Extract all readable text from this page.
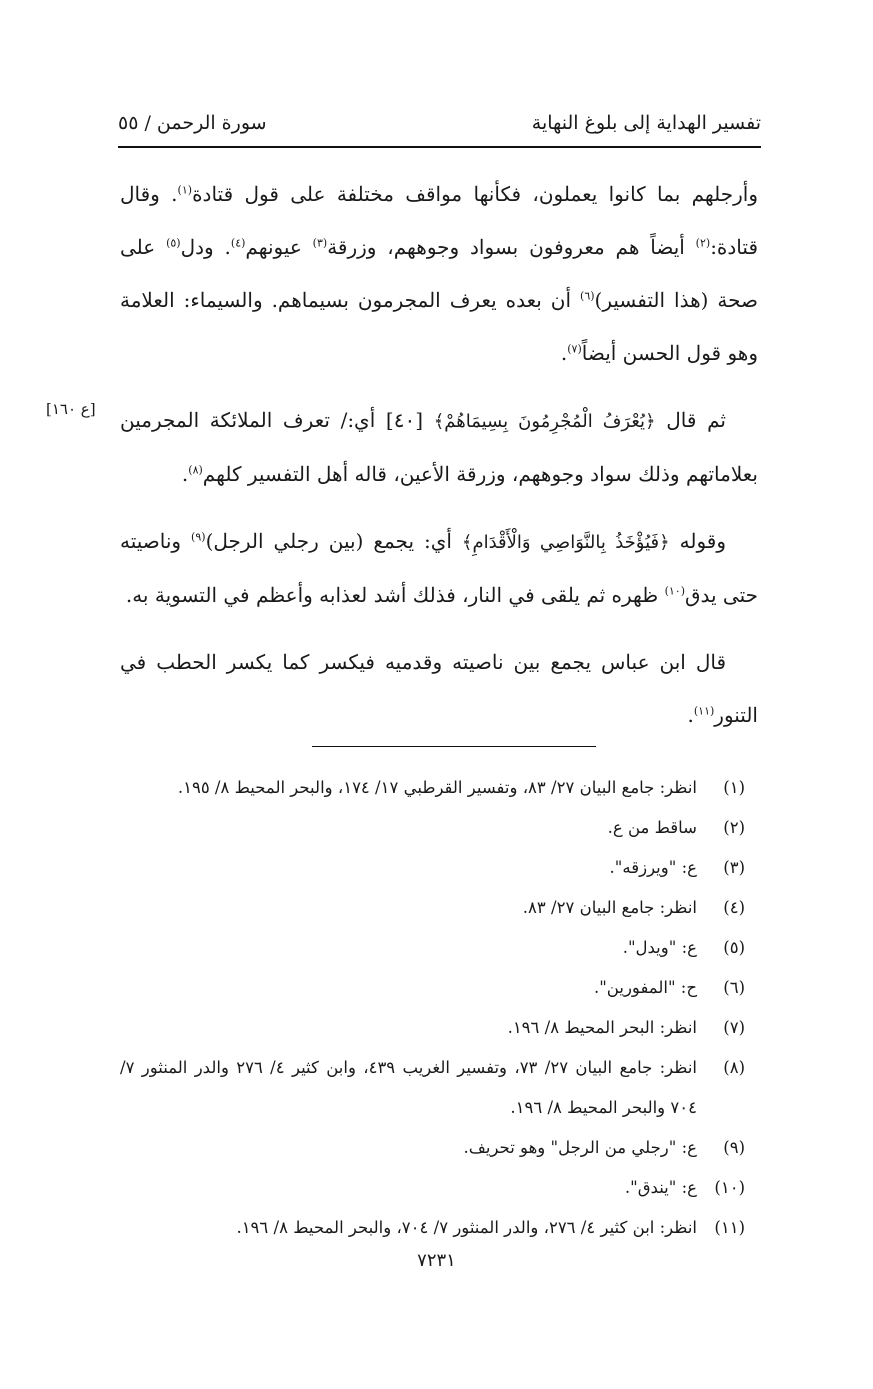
تفسير الهداية إلى بلوغ النهاية
سورة الرحمن / ٥٥

وأرجلهم بما كانوا يعملون، فكأنها مواقف مختلفة على قول قتادة$^{(١)}$. وقال قتادة:$^{(٢)}$ أيضاً هم معروفون بسواد وجوههم، وزرقة$^{(٣)}$ عيونهم$^{(٤)}$. ودل$^{(٥)}$ على صحة (هذا التفسير)$^{(٦)}$ أن بعده يعرف المجرمون بسيماهم. والسيماء: العلامة وهو قول الحسن أيضاً$^{(٧)}$.

ثم قال ﴿يُعْرَفُ الْمُجْرِمُونَ بِسِيمَاهُمْ﴾ [٤٠] أي:/ تعرف الملائكة المجرمين بعلاماتهم وذلك سواد وجوههم، وزرقة الأعين، قاله أهل التفسير كلهم$^{(٨)}$.

وقوله ﴿فَيُؤْخَذُ بِالنَّوَاصِي وَالْأَقْدَامِ﴾ أي: يجمع (بين رجلي الرجل)$^{(٩)}$ وناصيته حتى يدق$^{(١٠)}$ ظهره ثم يلقى في النار، فذلك أشد لعذابه وأعظم في التسوية به.

قال ابن عباس يجمع بين ناصيته وقدميه فيكسر كما يكسر الحطب في التنور$^{(١١)}$.

[ع ١٦٠]
(١)
انظر: جامع البيان ٢٧/ ٨٣، وتفسير القرطبي ١٧/ ١٧٤، والبحر المحيط ٨/ ١٩٥.
(٢)
ساقط من ع.
(٣)
ع: "ويرزقه".
(٤)
انظر: جامع البيان ٢٧/ ٨٣.
(٥)
ع: "ويدل".
(٦)
ح: "المفورين".
(٧)
انظر: البحر المحيط ٨/ ١٩٦.
(٨)
انظر: جامع البيان ٢٧/ ٧٣، وتفسير الغريب ٤٣٩، وابن كثير ٤/ ٢٧٦ والدر المنثور ٧/ ٧٠٤ والبحر المحيط ٨/ ١٩٦.
(٩)
ع: "رجلي من الرجل" وهو تحريف.
(١٠)
ع: "يندق".
(١١)
انظر: ابن كثير ٤/ ٢٧٦، والدر المنثور ٧/ ٧٠٤، والبحر المحيط ٨/ ١٩٦.
٧٢٣١
